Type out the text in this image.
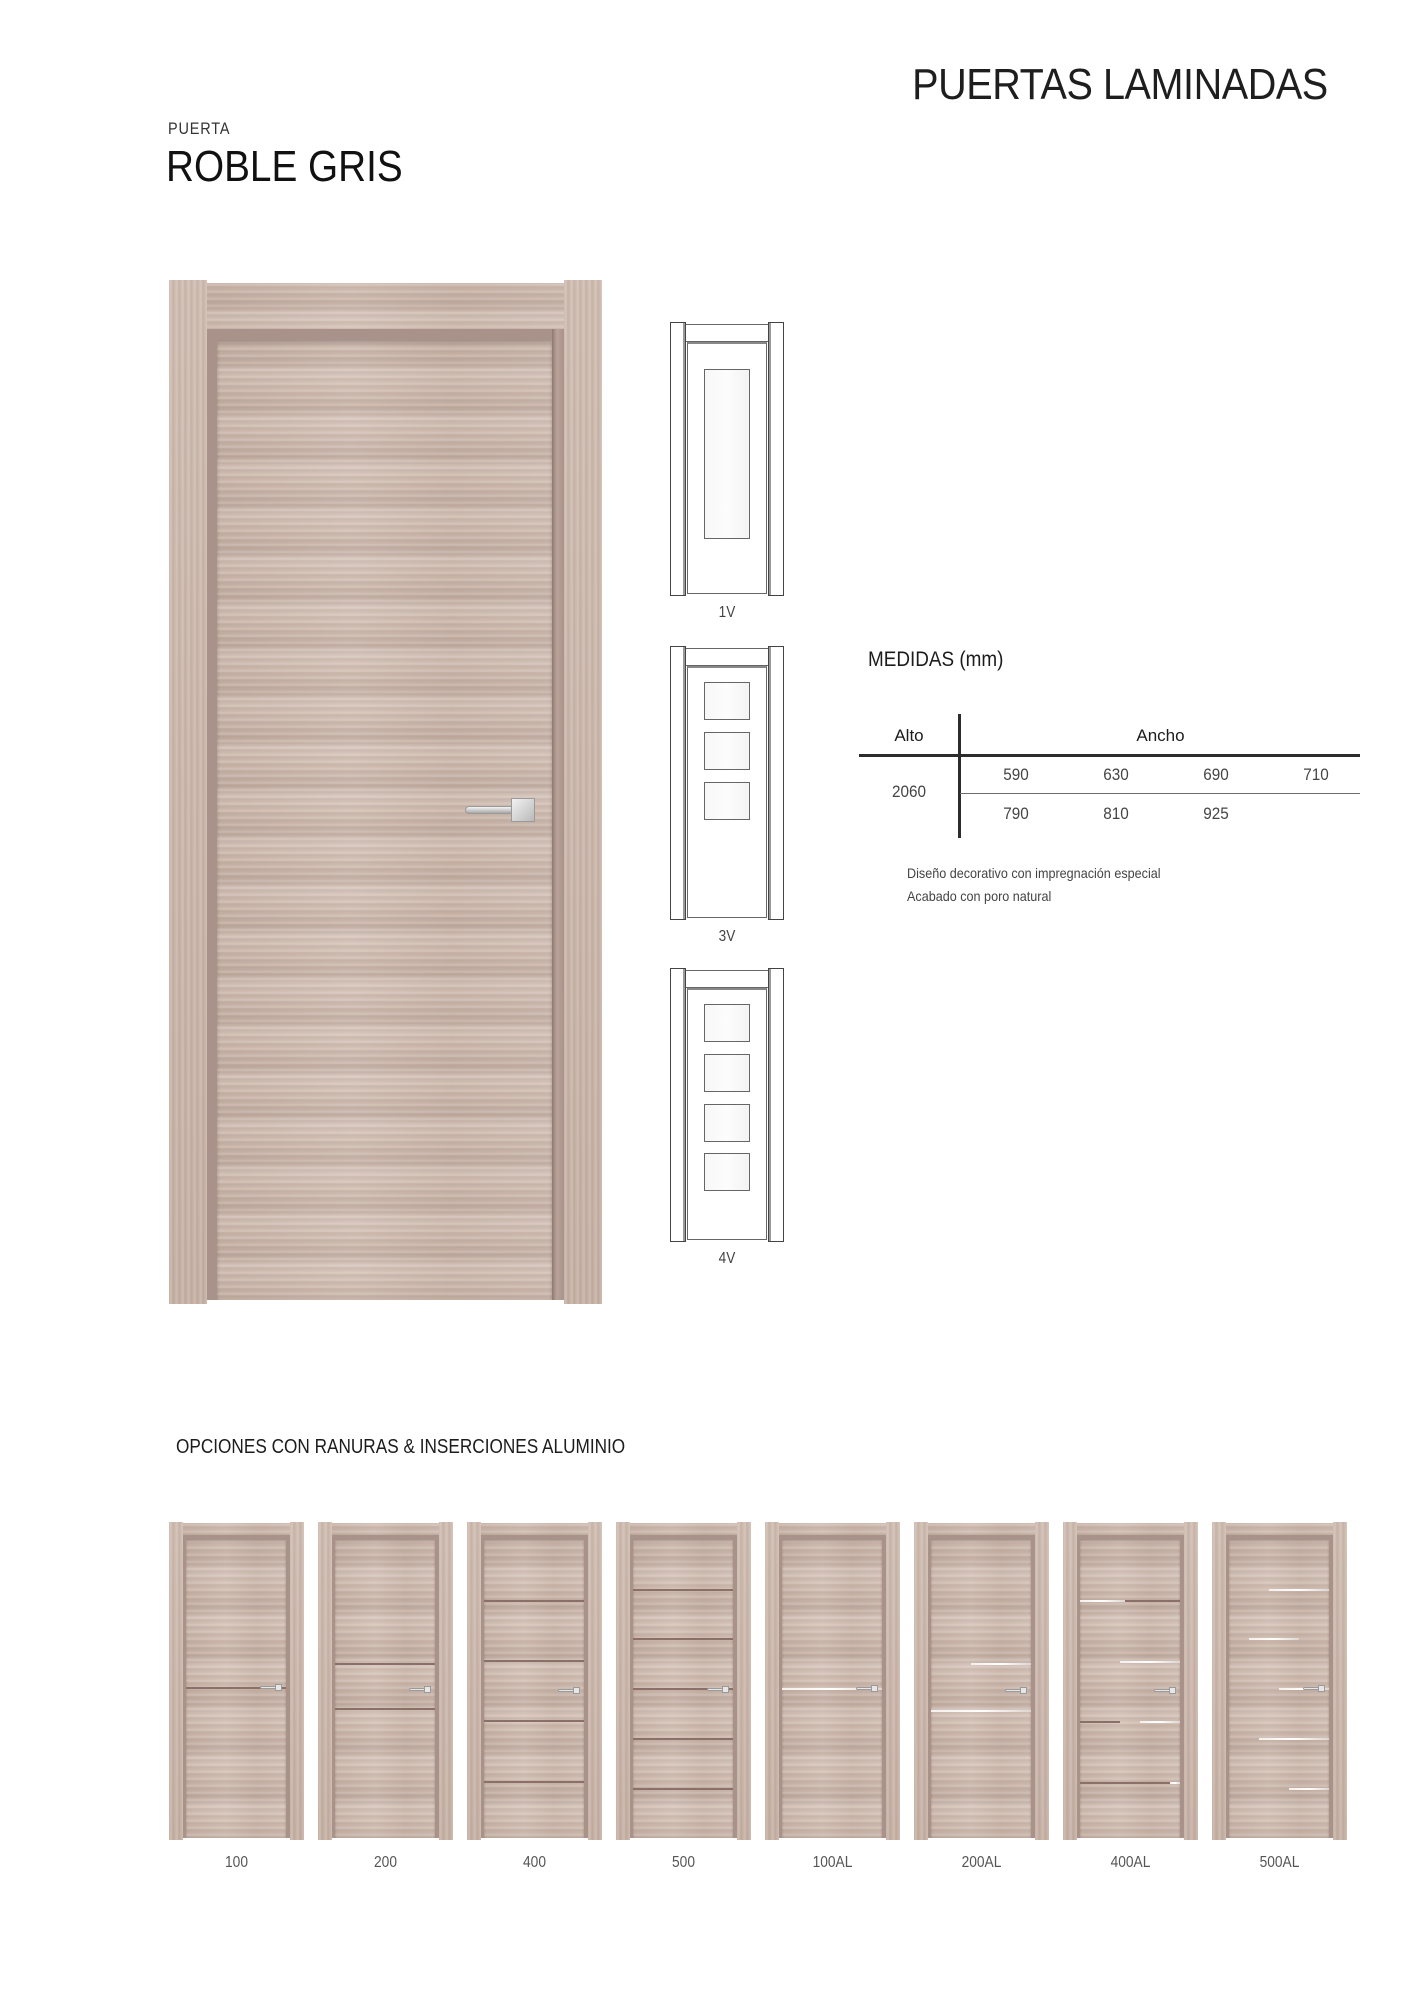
PUERTAS LAMINADAS
PUERTA
ROBLE GRIS
1V
3V
4V
MEDIDAS (mm)
Alto	Ancho
2060
590	630	690	710
790	810	925
Diseño decorativo con impregnación especial
Acabado con poro natural
OPCIONES CON RANURAS & INSERCIONES ALUMINIO
100	200	400	500	100AL	200AL	400AL	500AL
